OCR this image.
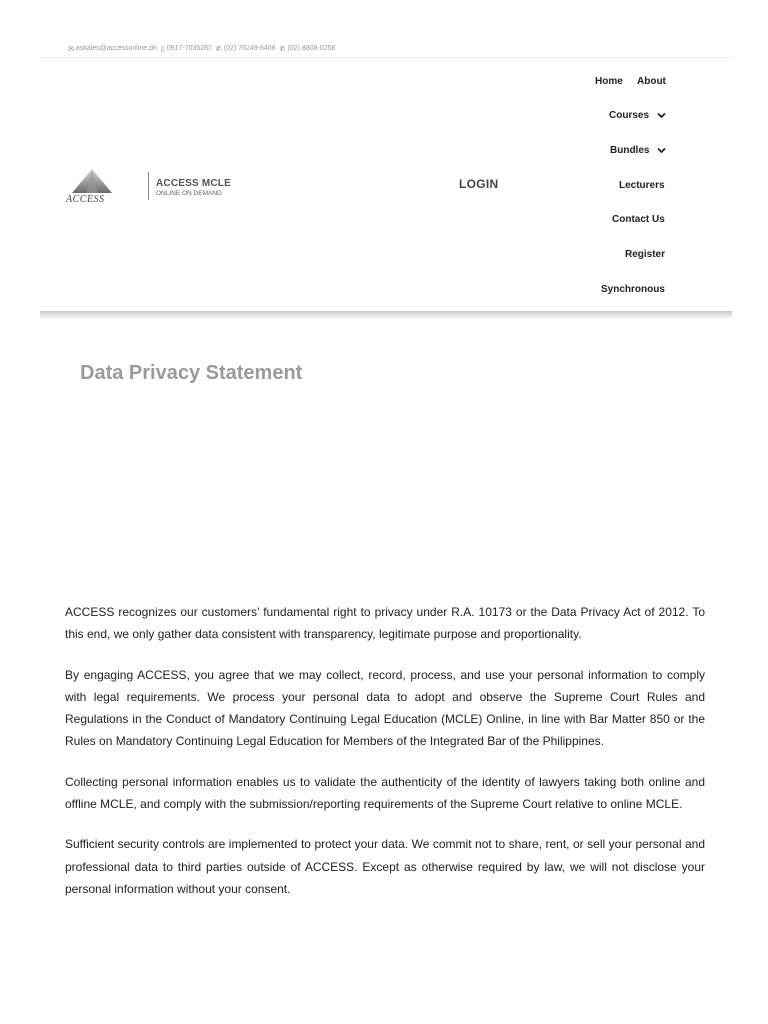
✉ askales@accessonline.ph ▯ 0917-7035287 ✆ (02) 76249-6408 ✆ (02) 8808-0258
ACCESS
ACCESS MCLE
ONLINE ON DEMAND
LOGIN
Home About
Courses
Bundles
Lecturers
Contact Us
Register
Synchronous
Data Privacy Statement

ACCESS recognizes our customers’ fundamental right to privacy under R.A. 10173 or the Data Privacy Act of 2012. To this end, we only gather data consistent with transparency, legitimate purpose and proportionality.

By engaging ACCESS, you agree that we may collect, record, process, and use your personal information to comply with legal requirements. We process your personal data to adopt and observe the Supreme Court Rules and Regulations in the Conduct of Mandatory Continuing Legal Education (MCLE) Online, in line with Bar Matter 850 or the Rules on Mandatory Continuing Legal Education for Members of the Integrated Bar of the Philippines.

Collecting personal information enables us to validate the authenticity of the identity of lawyers taking both online and offline MCLE, and comply with the submission/reporting requirements of the Supreme Court relative to online MCLE.

Sufficient security controls are implemented to protect your data. We commit not to share, rent, or sell your personal and professional data to third parties outside of ACCESS. Except as otherwise required by law, we will not disclose your personal information without your consent.
